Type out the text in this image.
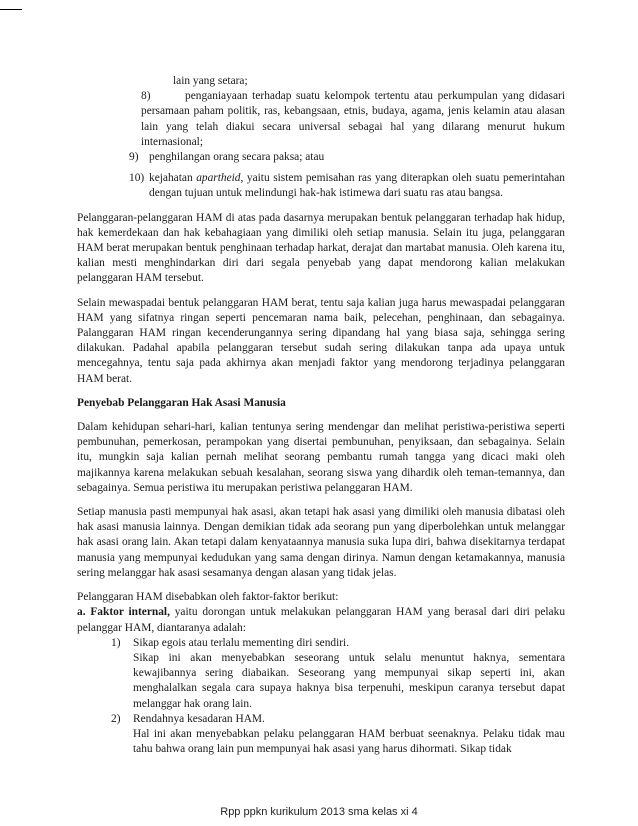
lain yang setara;
8)	penganiayaan terhadap suatu kelompok tertentu atau perkumpulan yang didasari persamaan paham politik, ras, kebangsaan, etnis, budaya, agama, jenis kelamin atau alasan lain yang telah diakui secara universal sebagai hal yang dilarang menurut hukum internasional;
9) penghilangan orang secara paksa; atau
10) kejahatan apartheid, yaitu sistem pemisahan ras yang diterapkan oleh suatu pemerintahan dengan tujuan untuk melindungi hak-hak istimewa dari suatu ras atau bangsa.

Pelanggaran-pelanggaran HAM di atas pada dasarnya merupakan bentuk pelanggaran terhadap hak hidup, hak kemerdekaan dan hak kebahagiaan yang dimiliki oleh setiap manusia. Selain itu juga, pelanggaran HAM berat merupakan bentuk penghinaan terhadap harkat, derajat dan martabat manusia. Oleh karena itu, kalian mesti menghindarkan diri dari segala penyebab yang dapat mendorong kalian melakukan pelanggaran HAM tersebut.

Selain mewaspadai bentuk pelanggaran HAM berat, tentu saja kalian juga harus mewaspadai pelanggaran HAM yang sifatnya ringan seperti pencemaran nama baik, pelecehan, penghinaan, dan sebagainya. Palanggaran HAM ringan kecenderungannya sering dipandang hal yang biasa saja, sehingga sering dilakukan. Padahal apabila pelanggaran tersebut sudah sering dilakukan tanpa ada upaya untuk mencegahnya, tentu saja pada akhirnya akan menjadi faktor yang mendorong terjadinya pelanggaran HAM berat.

Penyebab Pelanggaran Hak Asasi Manusia

Dalam kehidupan sehari-hari, kalian tentunya sering mendengar dan melihat peristiwa-peristiwa seperti pembunuhan, pemerkosan, perampokan yang disertai pembunuhan, penyiksaan, dan sebagainya. Selain itu, mungkin saja kalian pernah melihat seorang pembantu rumah tangga yang dicaci maki oleh majikannya karena melakukan sebuah kesalahan, seorang siswa yang dihardik oleh teman-temannya, dan sebagainya. Semua peristiwa itu merupakan peristiwa pelanggaran HAM.

Setiap manusia pasti mempunyai hak asasi, akan tetapi hak asasi yang dimiliki oleh manusia dibatasi oleh hak asasi manusia lainnya. Dengan demikian tidak ada seorang pun yang diperbolehkan untuk melanggar hak asasi orang lain. Akan tetapi dalam kenyataannya manusia suka lupa diri, bahwa disekitarnya terdapat manusia yang mempunyai kedudukan yang sama dengan dirinya. Namun dengan ketamakannya, manusia sering melanggar hak asasi sesamanya dengan alasan yang tidak jelas.

Pelanggaran HAM disebabkan oleh faktor-faktor berikut:

a. Faktor internal, yaitu dorongan untuk melakukan pelanggaran HAM yang berasal dari diri pelaku pelanggar HAM, diantaranya adalah:

1)	Sikap egois atau terlalu mementing diri sendiri.

Sikap ini akan menyebabkan seseorang untuk selalu menuntut haknya, sementara kewajibannya sering diabaikan. Seseorang yang mempunyai sikap seperti ini, akan menghalalkan segala cara supaya haknya bisa terpenuhi, meskipun caranya tersebut dapat melanggar hak orang lain.

2)	Rendahnya kesadaran HAM.

Hal ini akan menyebabkan pelaku pelanggaran HAM berbuat seenaknya. Pelaku tidak mau tahu bahwa orang lain pun mempunyai hak asasi yang harus dihormati. Sikap tidak

Rpp ppkn kurikulum 2013 sma kelas xi 4
